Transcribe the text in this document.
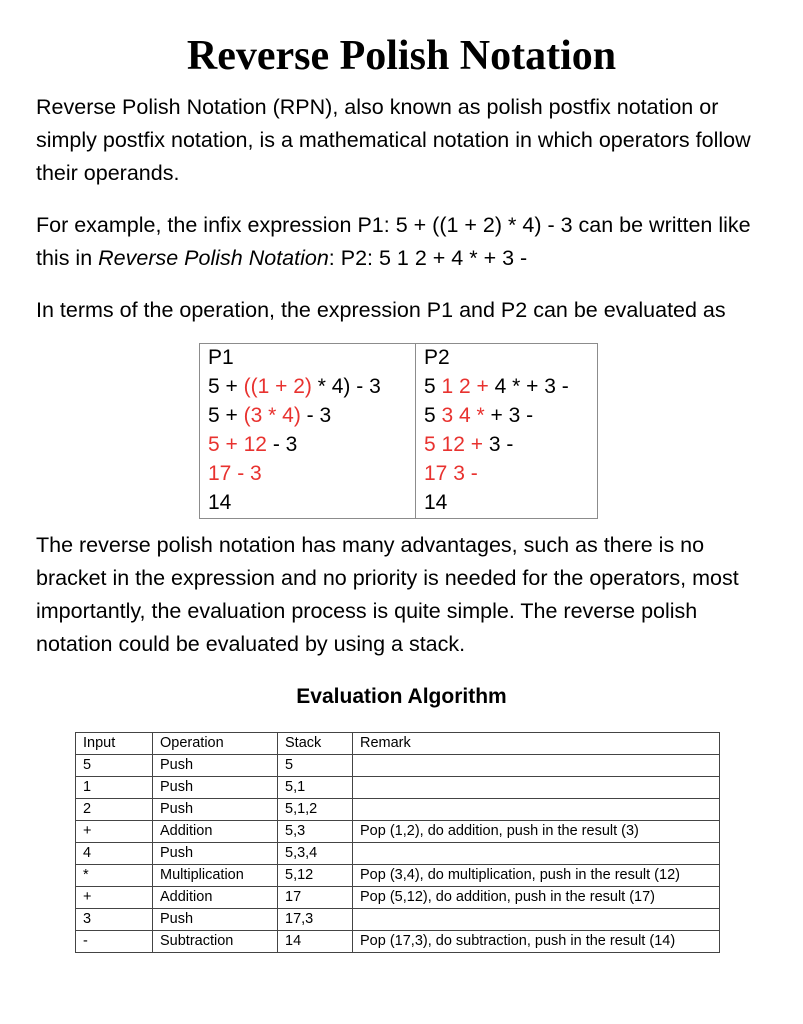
Reverse Polish Notation

Reverse Polish Notation (RPN), also known as polish postfix notation or simply postfix notation, is a mathematical notation in which operators follow their operands.

For example, the infix expression P1: 5 + ((1 + 2) * 4) - 3 can be written like this in Reverse Polish Notation: P2: 5 1 2 + 4 * + 3 -

In terms of the operation, the expression P1 and P2 can be evaluated as

P1	P2
5 + ((1 + 2) * 4) - 3	5 1 2 + 4 * + 3 -
5 + (3 * 4) - 3	5 3 4 * + 3 -
5 + 12 - 3	5 12 + 3 -
17 - 3	17 3 -
14	14

The reverse polish notation has many advantages, such as there is no bracket in the expression and no priority is needed for the operators, most importantly, the evaluation process is quite simple. The reverse polish notation could be evaluated by using a stack.

Evaluation Algorithm
Input	Operation	Stack	Remark
5	Push	5	
1	Push	5,1	
2	Push	5,1,2	
+	Addition	5,3	Pop (1,2), do addition, push in the result (3)
4	Push	5,3,4	
*	Multiplication	5,12	Pop (3,4), do multiplication, push in the result (12)
+	Addition	17	Pop (5,12), do addition, push in the result (17)
3	Push	17,3	
-	Subtraction	14	Pop (17,3), do subtraction, push in the result (14)
